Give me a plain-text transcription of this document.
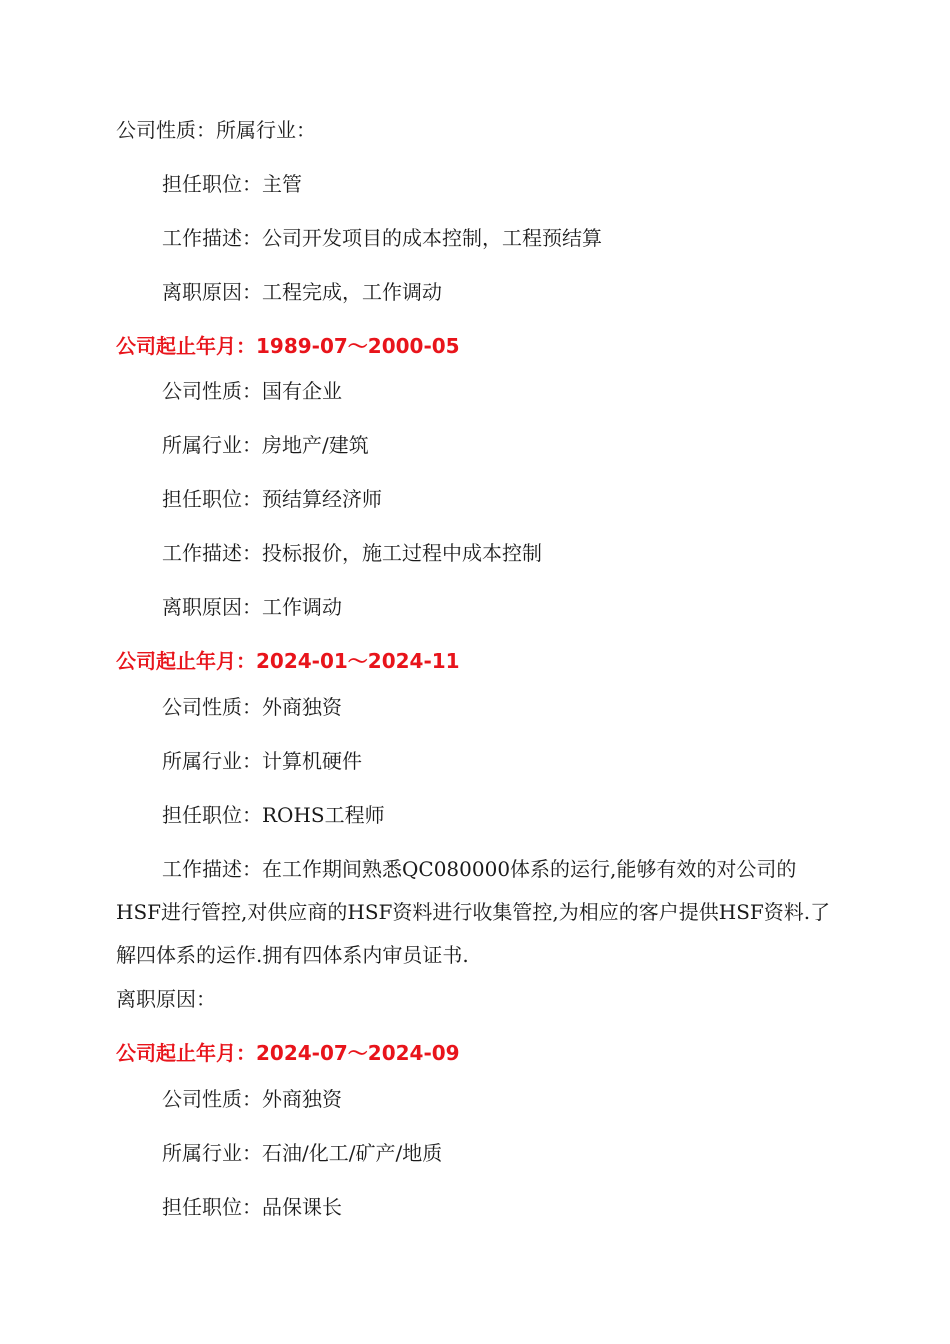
公司性质：所属行业：
担任职位：主管
工作描述：公司开发项目的成本控制，工程预结算
离职原因：工程完成，工作调动
公司起止年月：1989-07～2000-05
公司性质：国有企业
所属行业：房地产/建筑
担任职位：预结算经济师
工作描述：投标报价，施工过程中成本控制
离职原因：工作调动
公司起止年月：2024-01～2024-11
公司性质：外商独资
所属行业：计算机硬件
担任职位：ROHS工程师

工作描述：在工作期间熟悉QC080000体系的运行,能够有效的对公司的HSF进行管控,对供应商的HSF资料进行收集管控,为相应的客户提供HSF资料.了解四体系的运作.拥有四体系内审员证书.

离职原因：
公司起止年月：2024-07～2024-09
公司性质：外商独资
所属行业：石油/化工/矿产/地质
担任职位：品保课长
